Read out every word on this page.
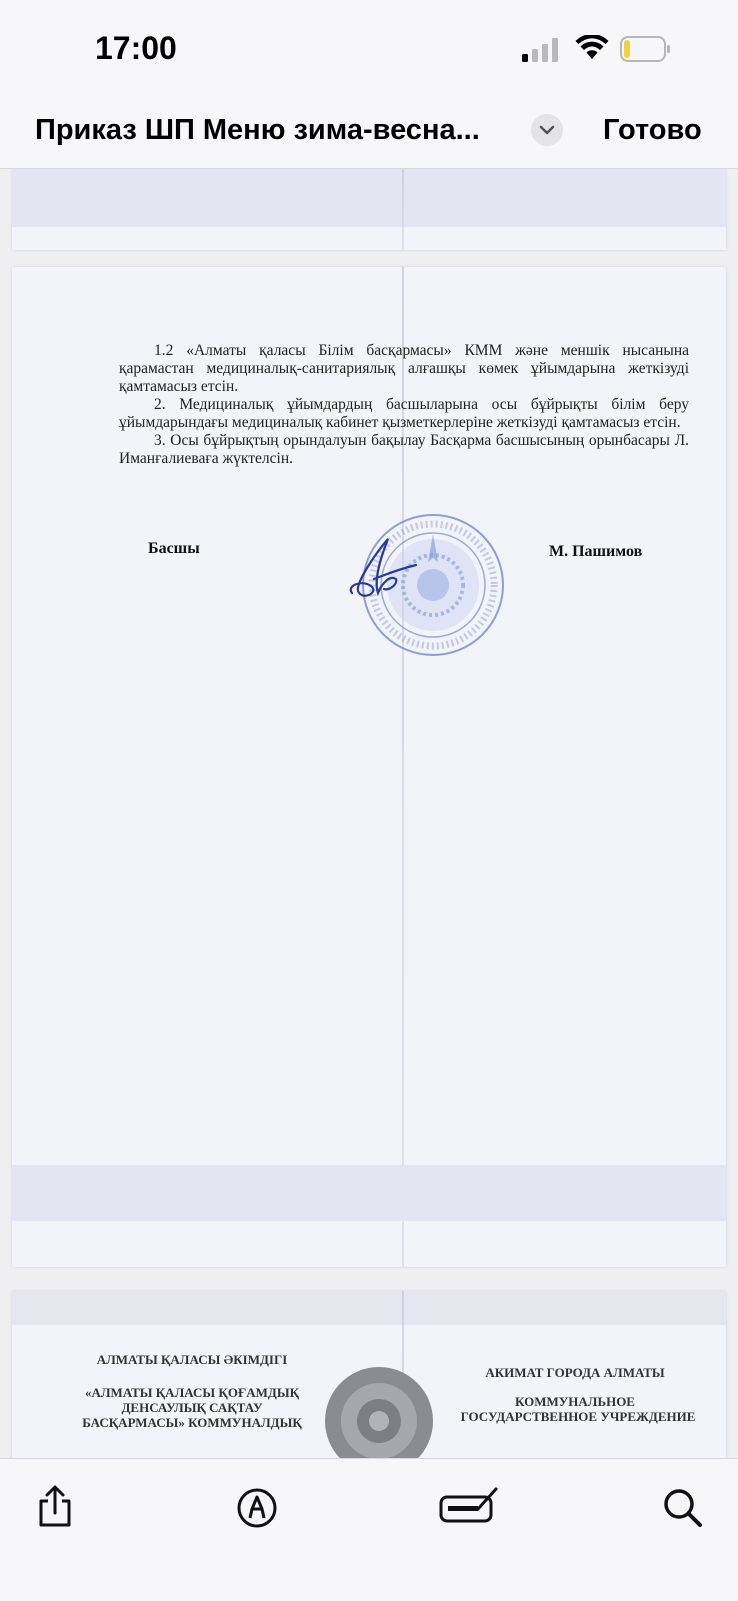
17:00
Приказ ШП Меню зима-весна...	Готово

1.2 «Алматы қаласы Білім басқармасы» КММ және меншік нысанына қарамастан медициналық-санитариялық алғашқы көмек ұйымдарына жеткізуді қамтамасыз етсін.

2. Медициналық ұйымдардың басшыларына осы бұйрықты білім беру ұйымдарындағы медициналық кабинет қызметкерлеріне жеткізуді қамтамасыз етсін.

3. Осы бұйрықтың орындалуын бақылау Басқарма басшысының орынбасары Л. Иманғалиеваға жүктелсін.

Басшы	М. Пашимов
АЛМАТЫ ҚАЛАСЫ ӘКІМДІГІ
«АЛМАТЫ ҚАЛАСЫ ҚОҒАМДЫҚ
ДЕНСАУЛЫҚ САҚТАУ
БАСҚАРМАСЫ» КОММУНАЛДЫҚ
АКИМАТ ГОРОДА АЛМАТЫ
КОММУНАЛЬНОЕ
ГОСУДАРСТВЕННОЕ УЧРЕЖДЕНИЕ
